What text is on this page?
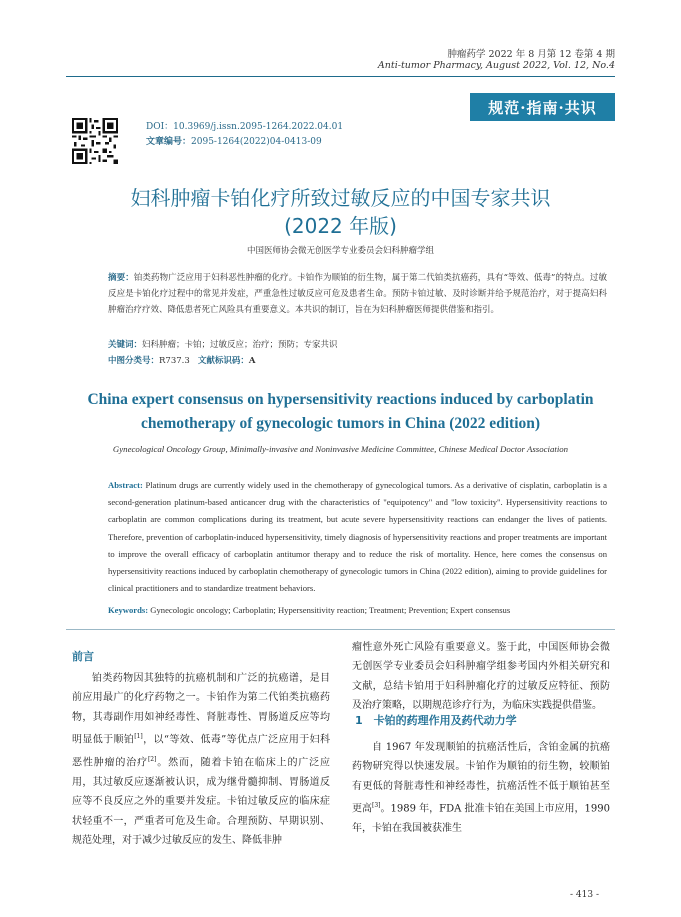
肿瘤药学 2022 年 8 月第 12 卷第 4 期
Anti-tumor Pharmacy, August 2022, Vol. 12, No.4
规范·指南·共识
DOI：10.3969/j.issn.2095-1264.2022.04.01
文章编号：2095-1264(2022)04-0413-09
妇科肿瘤卡铂化疗所致过敏反应的中国专家共识
(2022 年版)
中国医师协会微无创医学专业委员会妇科肿瘤学组
摘要：铂类药物广泛应用于妇科恶性肿瘤的化疗。卡铂作为顺铂的衍生物，属于第二代铂类抗癌药，具有“等效、低毒”的特点。过敏反应是卡铂化疗过程中的常见并发症，严重急性过敏反应可危及患者生命。预防卡铂过敏、及时诊断并给予规范治疗，对于提高妇科肿瘤治疗疗效、降低患者死亡风险具有重要意义。本共识的制订，旨在为妇科肿瘤医师提供借鉴和指引。
关键词：妇科肿瘤；卡铂；过敏反应；治疗；预防；专家共识
中图分类号：R737.3 文献标识码：A
China expert consensus on hypersensitivity reactions induced by carboplatin chemotherapy of gynecologic tumors in China (2022 edition)
Gynecological Oncology Group, Minimally-invasive and Noninvasive Medicine Committee, Chinese Medical Doctor Association
Abstract: Platinum drugs are currently widely used in the chemotherapy of gynecological tumors. As a derivative of cisplatin, carboplatin is a second-generation platinum-based anticancer drug with the characteristics of "equipotency" and "low toxicity". Hypersensitivity reactions to carboplatin are common complications during its treatment, but acute severe hypersensitivity reactions can endanger the lives of patients. Therefore, prevention of carboplatin-induced hypersensitivity, timely diagnosis of hypersensitivity reactions and proper treatments are important to improve the overall efficacy of carboplatin antitumor therapy and to reduce the risk of mortality. Hence, here comes the consensus on hypersensitivity reactions induced by carboplatin chemotherapy of gynecologic tumors in China (2022 edition), aiming to provide guidelines for clinical practitioners and to standardize treatment behaviors.
Keywords: Gynecologic oncology; Carboplatin; Hypersensitivity reaction; Treatment; Prevention; Expert consensus
前言

铂类药物因其独特的抗癌机制和广泛的抗癌谱，是目前应用最广的化疗药物之一。卡铂作为第二代铂类抗癌药物，其毒副作用如神经毒性、肾脏毒性、胃肠道反应等均明显低于顺铂[1]，以“等效、低毒”等优点广泛应用于妇科恶性肿瘤的治疗[2]。然而，随着卡铂在临床上的广泛应用，其过敏反应逐渐被认识，成为继骨髓抑制、胃肠道反应等不良反应之外的重要并发症。卡铂过敏反应的临床症状轻重不一，严重者可危及生命。合理预防、早期识别、规范处理，对于减少过敏反应的发生、降低非肿

瘤性意外死亡风险有重要意义。鉴于此，中国医师协会微无创医学专业委员会妇科肿瘤学组参考国内外相关研究和文献，总结卡铂用于妇科肿瘤化疗的过敏反应特征、预防及治疗策略，以期规范诊疗行为，为临床实践提供借鉴。

1　卡铂的药理作用及药代动力学

自 1967 年发现顺铂的抗癌活性后，含铂金属的抗癌药物研究得以快速发展。卡铂作为顺铂的衍生物，较顺铂有更低的肾脏毒性和神经毒性，抗癌活性不低于顺铂甚至更高[3]。1989 年，FDA 批准卡铂在美国上市应用，1990 年，卡铂在我国被获准生

- 413 -
